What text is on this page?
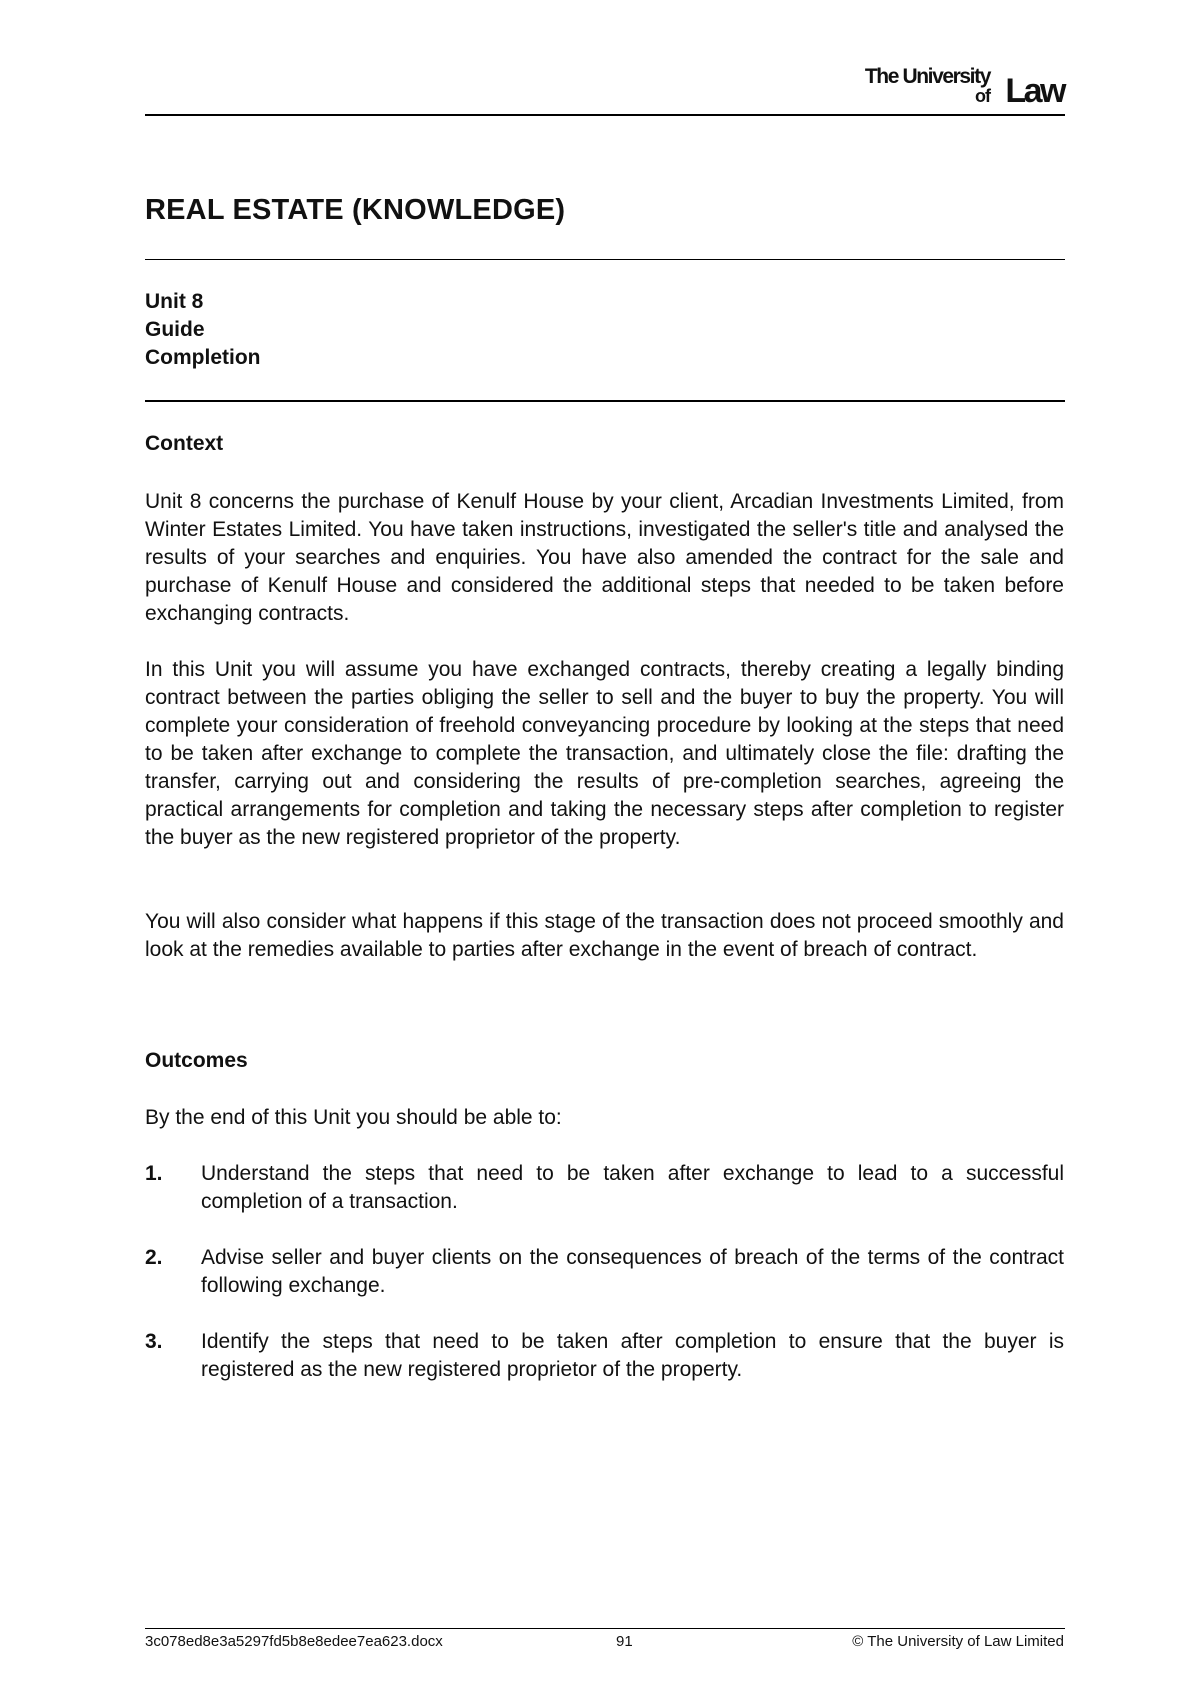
The University
of Law
REAL ESTATE (KNOWLEDGE)
Unit 8
Guide
Completion
Context

Unit 8 concerns the purchase of Kenulf House by your client, Arcadian Investments Limited, from Winter Estates Limited. You have taken instructions, investigated the seller's title and analysed the results of your searches and enquiries. You have also amended the contract for the sale and purchase of Kenulf House and considered the additional steps that needed to be taken before exchanging contracts.

In this Unit you will assume you have exchanged contracts, thereby creating a legally binding contract between the parties obliging the seller to sell and the buyer to buy the property. You will complete your consideration of freehold conveyancing procedure by looking at the steps that need to be taken after exchange to complete the transaction, and ultimately close the file: drafting the transfer, carrying out and considering the results of pre-completion searches, agreeing the practical arrangements for completion and taking the necessary steps after completion to register the buyer as the new registered proprietor of the property.

You will also consider what happens if this stage of the transaction does not proceed smoothly and look at the remedies available to parties after exchange in the event of breach of contract.

Outcomes

By the end of this Unit you should be able to:

1. Understand the steps that need to be taken after exchange to lead to a successful completion of a transaction.
2. Advise seller and buyer clients on the consequences of breach of the terms of the contract following exchange.
3. Identify the steps that need to be taken after completion to ensure that the buyer is registered as the new registered proprietor of the property.
3c078ed8e3a5297fd5b8e8edee7ea623.docx	91	© The University of Law Limited
